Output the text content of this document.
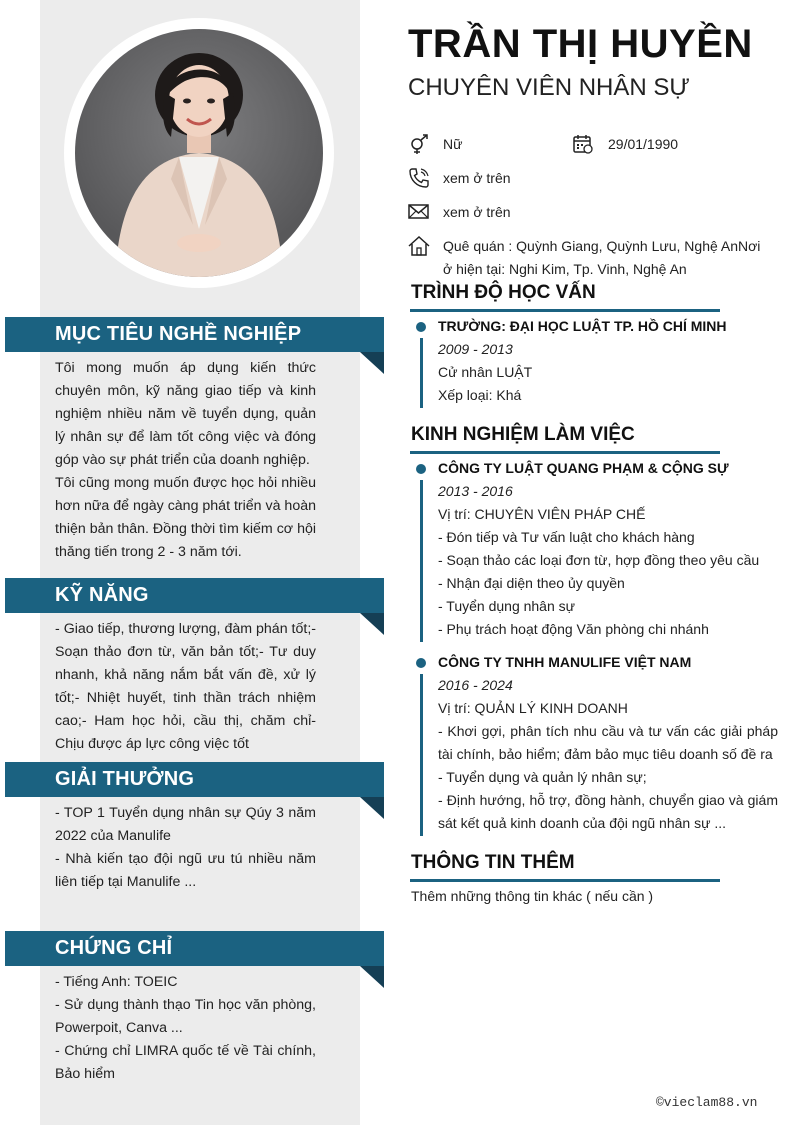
MỤC TIÊU NGHỀ NGHIỆP

Tôi mong muốn áp dụng kiến thức chuyên môn, kỹ năng giao tiếp và kinh nghiệm nhiều năm về tuyển dụng, quản lý nhân sự để làm tốt công việc và đóng góp vào sự phát triển của doanh nghiệp.

Tôi cũng mong muốn được học hỏi nhiều hơn nữa để ngày càng phát triển và hoàn thiện bản thân. Đồng thời tìm kiếm cơ hội thăng tiến trong 2 - 3 năm tới.

KỸ NĂNG

- Giao tiếp, thương lượng, đàm phán tốt;- Soạn thảo đơn từ, văn bản tốt;- Tư duy nhanh, khả năng nắm bắt vấn đề, xử lý tốt;- Nhiệt huyết, tinh thần trách nhiệm cao;- Ham học hỏi, cầu thị, chăm chỉ- Chịu được áp lực công việc tốt

GIẢI THƯỞNG

- TOP 1 Tuyển dụng nhân sự Qúy 3 năm 2022 của Manulife

- Nhà kiến tạo đội ngũ ưu tú nhiều năm liên tiếp tại Manulife ...

CHỨNG CHỈ

- Tiếng Anh: TOEIC

- Sử dụng thành thạo Tin học văn phòng, Powerpoit, Canva ...

- Chứng chỉ LIMRA quốc tế về Tài chính, Bảo hiểm

TRẦN THỊ HUYỀN
CHUYÊN VIÊN NHÂN SỰ
Nữ	29/01/1990
xem ở trên
xem ở trên
Quê quán : Quỳnh Giang, Quỳnh Lưu, Nghệ AnNơi ở hiện tại: Nghi Kim, Tp. Vinh, Nghệ An
TRÌNH ĐỘ HỌC VẤN

TRƯỜNG: ĐẠI HỌC LUẬT TP. HỒ CHÍ MINH

2009 - 2013

Cử nhân LUẬT

Xếp loại: Khá

KINH NGHIỆM LÀM VIỆC

CÔNG TY LUẬT QUANG PHẠM & CỘNG SỰ

2013 - 2016

Vị trí: CHUYÊN VIÊN PHÁP CHẾ

- Đón tiếp và Tư vấn luật cho khách hàng

- Soạn thảo các loại đơn từ, hợp đồng theo yêu cầu

- Nhận đại diện theo ủy quyền

- Tuyển dụng nhân sự

- Phụ trách hoạt động Văn phòng chi nhánh

CÔNG TY TNHH MANULIFE VIỆT NAM

2016 - 2024

Vị trí: QUẢN LÝ KINH DOANH

- Khơi gợi, phân tích nhu cầu và tư vấn các giải pháp tài chính, bảo hiểm; đảm bảo mục tiêu doanh số đề ra

- Tuyển dụng và quản lý nhân sự;

- Định hướng, hỗ trợ, đồng hành, chuyển giao và giám sát kết quả kinh doanh của đội ngũ nhân sự ...

THÔNG TIN THÊM
Thêm những thông tin khác ( nếu cần )
©vieclam88.vn
